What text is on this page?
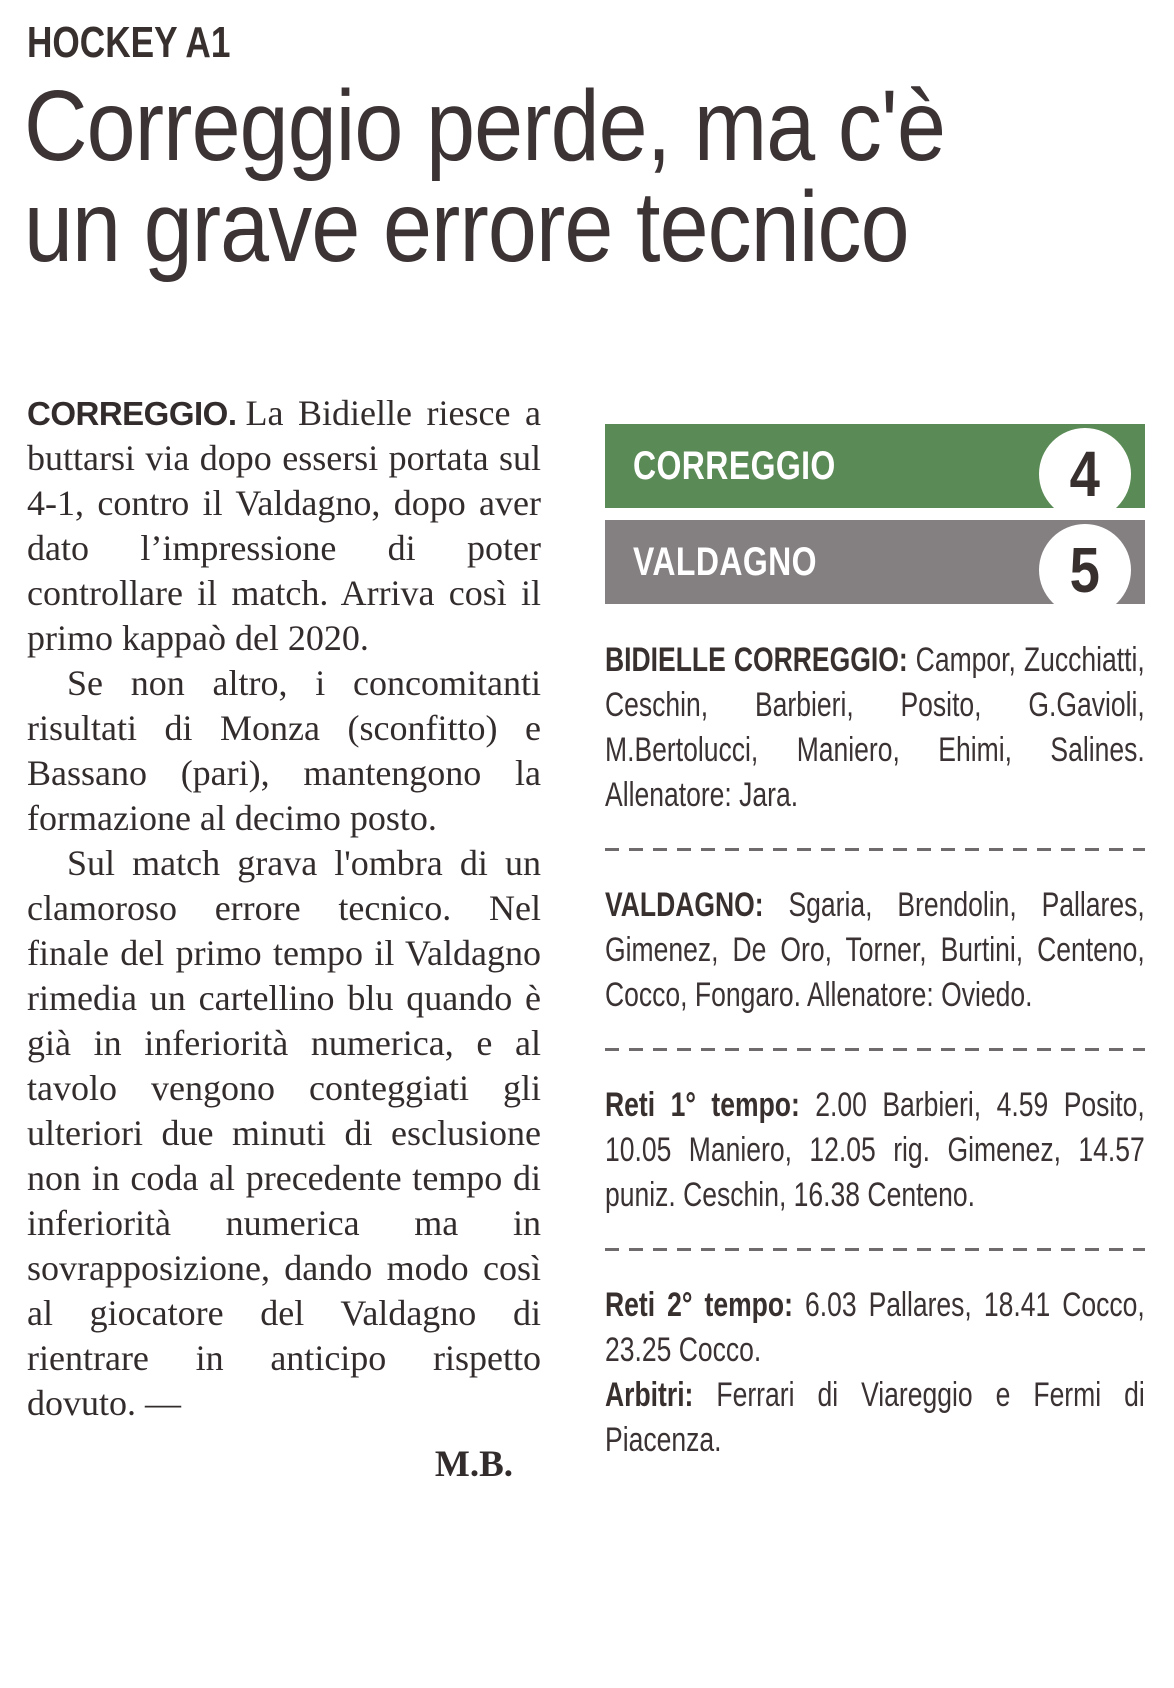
HOCKEY A1
Correggio perde, ma c'è un grave errore tecnico

CORREGGIO. La Bidielle riesce a buttarsi via dopo essersi portata sul 4-1, contro il Valdagno, dopo aver dato l’impressione di poter controllare il match. Arriva così il primo kappaò del 2020.

Se non altro, i concomitanti risultati di Monza (sconfitto) e Bassano (pari), mantengono la formazione al decimo posto.

Sul match grava l'ombra di un clamoroso errore tecnico. Nel finale del primo tempo il Valdagno rimedia un cartellino blu quando è già in inferiorità numerica, e al tavolo vengono conteggiati gli ulteriori due minuti di esclusione non in coda al precedente tempo di inferiorità numerica ma in sovrapposizione, dando modo così al giocatore del Valdagno di rientrare in anticipo rispetto dovuto. —

M.B.
CORREGGIO	4
VALDAGNO	5

BIDIELLE CORREGGIO: Campor, Zucchiatti, Ceschin, Barbieri, Posito, G.Gavioli, M.Bertolucci, Maniero, Ehimi, Salines. Allenatore: Jara.

VALDAGNO: Sgaria, Brendolin, Pallares, Gimenez, De Oro, Torner, Burtini, Centeno, Cocco, Fongaro. Allenatore: Oviedo.

Reti 1° tempo: 2.00 Barbieri, 4.59 Posito, 10.05 Maniero, 12.05 rig. Gimenez, 14.57 puniz. Ceschin, 16.38 Centeno.

Reti 2° tempo: 6.03 Pallares, 18.41 Cocco, 23.25 Cocco.

Arbitri: Ferrari di Viareggio e Fermi di Piacenza.
